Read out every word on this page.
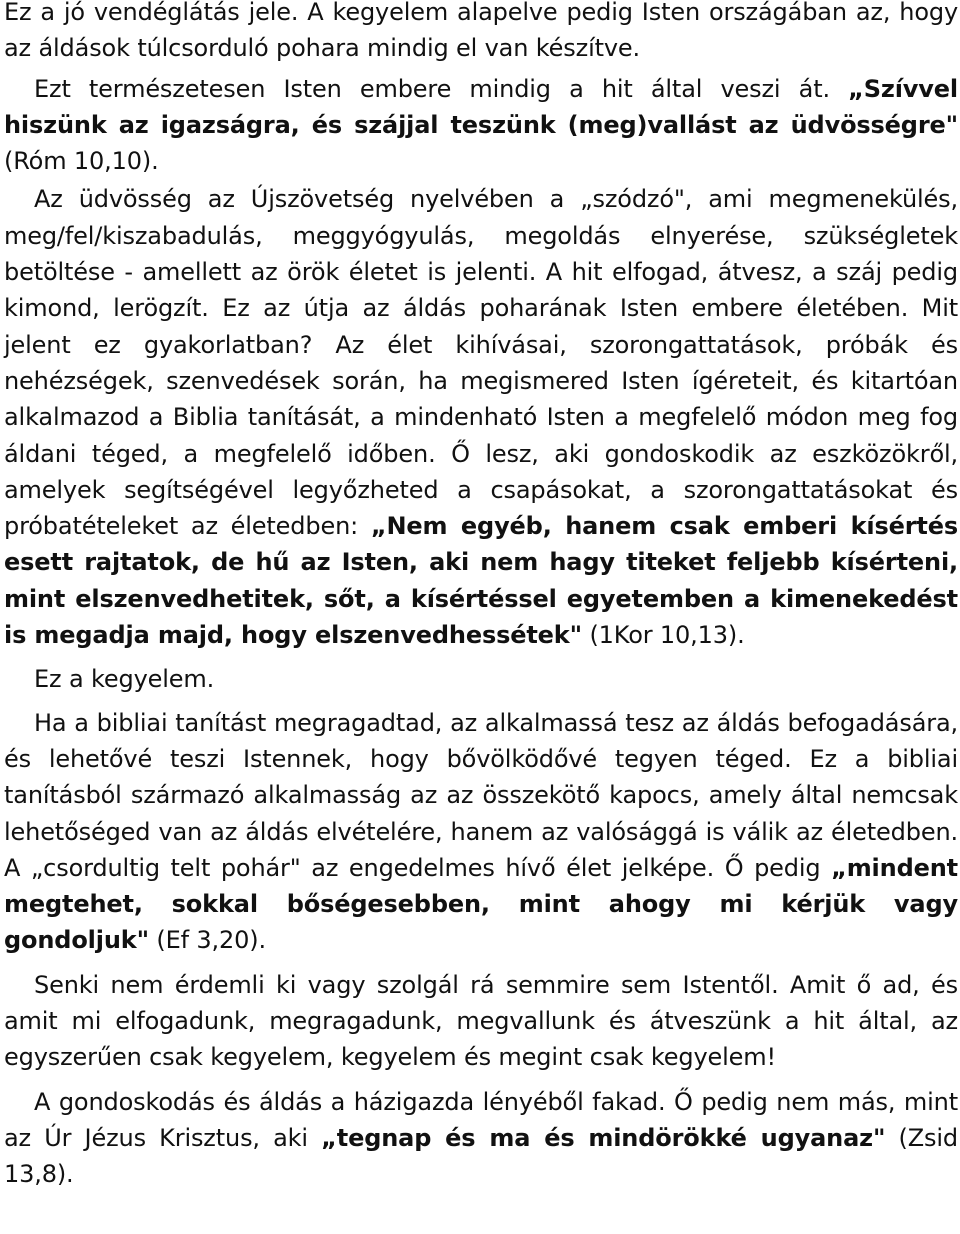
Ez a jó vendéglátás jele. A kegyelem alapelve pedig Isten országában az, hogy az áldások túlcsorduló pohara mindig el van készítve.

Ezt természetesen Isten embere mindig a hit által veszi át. „Szívvel hiszünk az igazságra, és szájjal teszünk (meg)vallást az üdvösségre" (Róm 10,10).

Az üdvösség az Újszövetség nyelvében a „szódzó", ami megmenekülés, meg/fel/kiszabadulás, meggyógyulás, megoldás elnyerése, szükségletek betöltése - amellett az örök életet is jelenti. A hit elfogad, átvesz, a száj pedig kimond, lerögzít. Ez az útja az áldás poharának Isten embere életében. Mit jelent ez gyakorlatban? Az élet kihívásai, szorongattatások, próbák és nehézségek, szenvedések során, ha megismered Isten ígéreteit, és kitartóan alkalmazod a Biblia tanítását, a mindenható Isten a megfelelő módon meg fog áldani téged, a megfelelő időben. Ő lesz, aki gondoskodik az eszközökről, amelyek segítségével legyőzheted a csapásokat, a szorongattatásokat és próbatételeket az életedben: „Nem egyéb, hanem csak emberi kísértés esett rajtatok, de hű az Isten, aki nem hagy titeket feljebb kísérteni, mint elszenvedhetitek, sőt, a kísértéssel egyetemben a kimenekedést is megadja majd, hogy elszenvedhessétek" (1Kor 10,13).

Ez a kegyelem.

Ha a bibliai tanítást megragadtad, az alkalmassá tesz az áldás befogadására, és lehetővé teszi Istennek, hogy bővölködővé tegyen téged. Ez a bibliai tanításból származó alkalmasság az az összekötő kapocs, amely által nemcsak lehetőséged van az áldás elvételére, hanem az valósággá is válik az életedben. A „csordultig telt pohár" az engedelmes hívő élet jelképe. Ő pedig „mindent megtehet, sokkal bőségesebben, mint ahogy mi kérjük vagy gondoljuk" (Ef 3,20).

Senki nem érdemli ki vagy szolgál rá semmire sem Istentől. Amit ő ad, és amit mi elfogadunk, megragadunk, megvallunk és átveszünk a hit által, az egyszerűen csak kegyelem, kegyelem és megint csak kegyelem!

A gondoskodás és áldás a házigazda lényéből fakad. Ő pedig nem más, mint az Úr Jézus Krisztus, aki „tegnap és ma és mindörökké ugyanaz" (Zsid 13,8).
